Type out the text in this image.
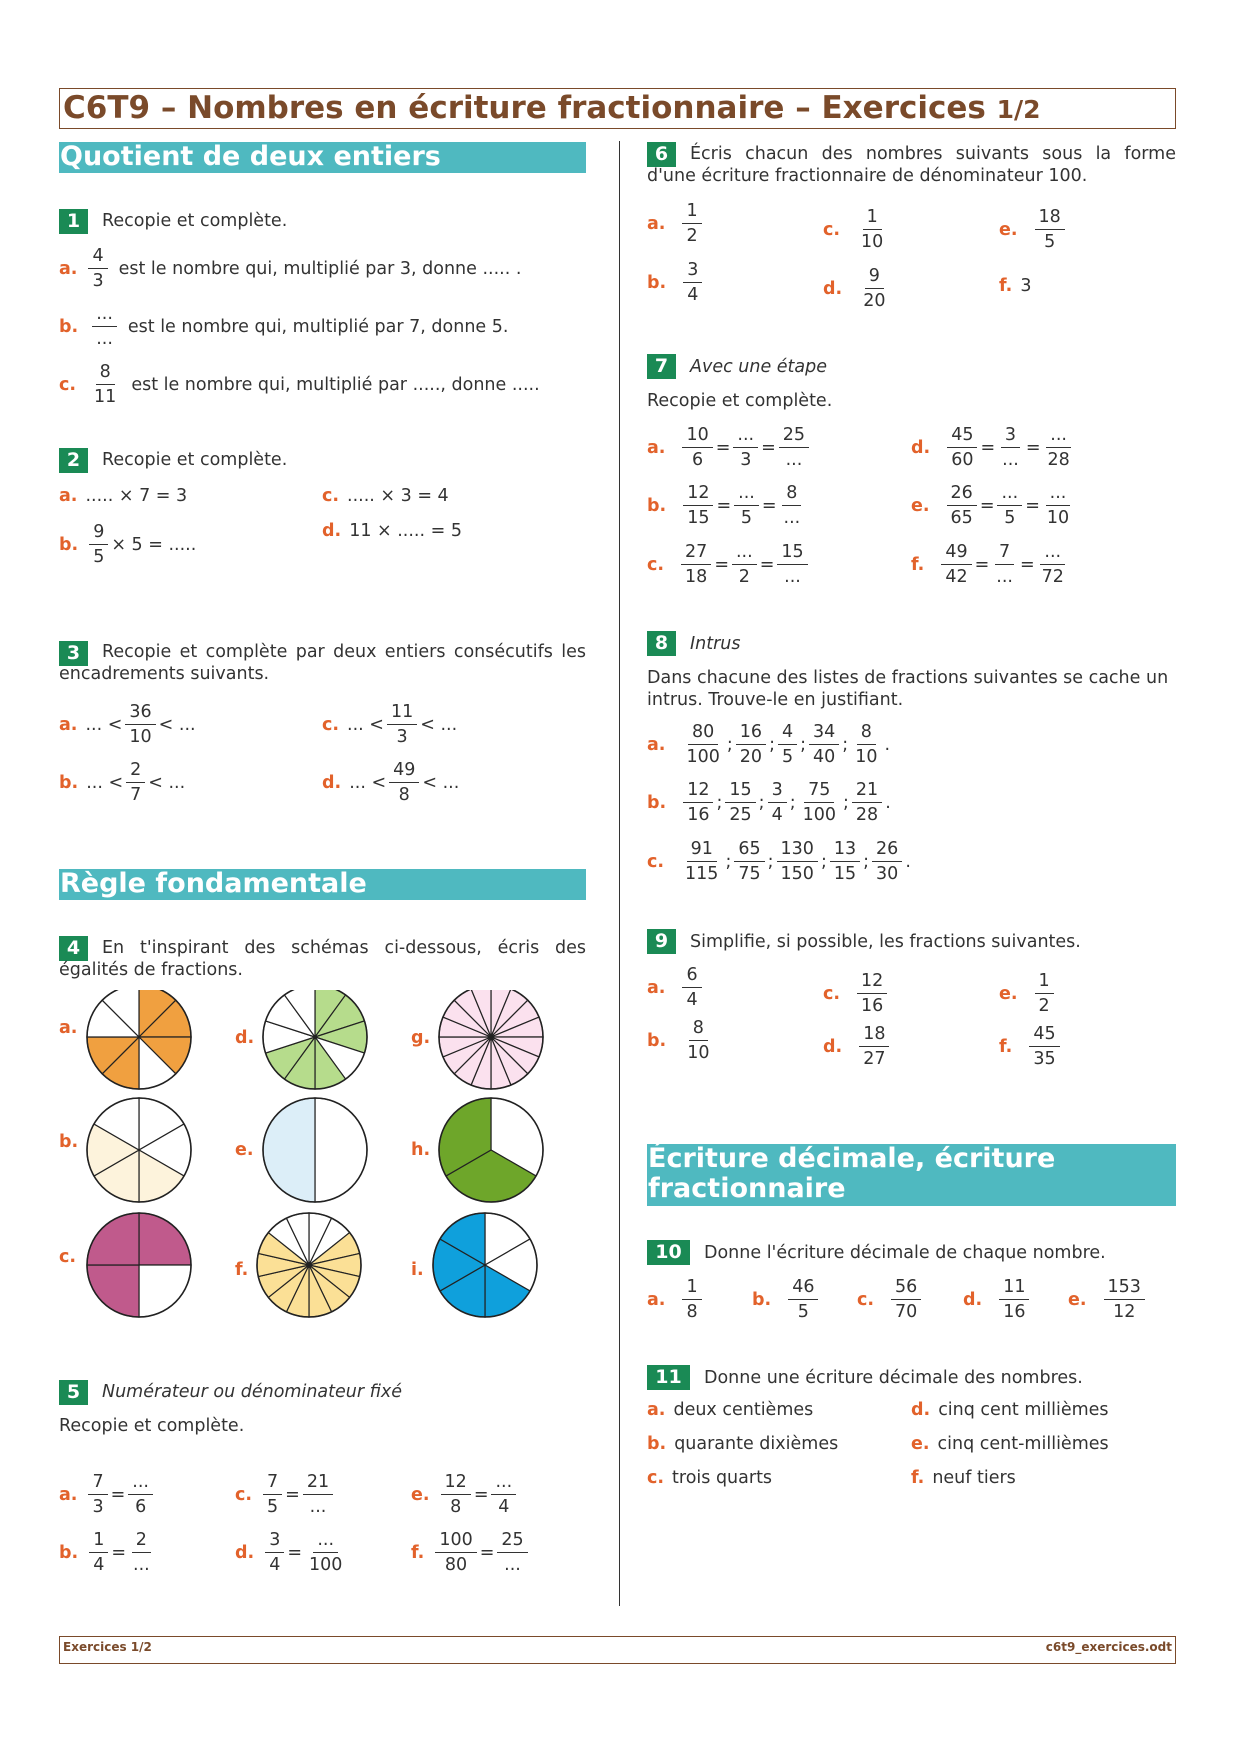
C6T9 – Nombres en écriture fractionnaire – Exercices 1/2
Quotient de deux entiers
1	Recopie et complète.
a. $\frac{4}{3}$ est le nombre qui, multiplié par 3, donne ..... .
b. $\frac{...}{...}$ est le nombre qui, multiplié par 7, donne 5.
c. $\frac{8}{11}$ est le nombre qui, multiplié par ....., donne .....
2	Recopie et complète.
a. ..... × 7 = 3
b. $\frac{9}{5} \times 5$ = .....
c. ..... × 3 = 4
d. 11 × ..... = 5
3	Recopie et complète par deux entiers consécutifs les encadrements suivants.
a. ... < $\frac{36}{10}$ < ...
b. ... < $\frac{2}{7}$ < ...
c. ... < $\frac{11}{3}$ < ...
d. ... < $\frac{49}{8}$ < ...
Règle fondamentale
4	En t'inspirant des schémas ci-dessous, écris des égalités de fractions.
a.
b.
c.
d.
e.
f.
g.
h.
i.
5	Numérateur ou dénominateur fixé
Recopie et complète.
a. $\frac{7}{3} = \frac{...}{6}$
b. $\frac{1}{4} = \frac{2}{...}$
c. $\frac{7}{5} = \frac{21}{...}$
d. $\frac{3}{4} = \frac{...}{100}$
e. $\frac{12}{8} = \frac{...}{4}$
f. $\frac{100}{80} = \frac{25}{...}$
6	Écris chacun des nombres suivants sous la forme d'une écriture fractionnaire de dénominateur 100.
a. $\frac{1}{2}$
b. $\frac{3}{4}$
c. $\frac{1}{10}$
d. $\frac{9}{20}$
e. $\frac{18}{5}$
f. 3
7	Avec une étape
Recopie et complète.
a. $\frac{10}{6} = \frac{...}{3} = \frac{25}{...}$
b. $\frac{12}{15} = \frac{...}{5} = \frac{8}{...}$
c. $\frac{27}{18} = \frac{...}{2} = \frac{15}{...}$
d. $\frac{45}{60} = \frac{3}{...} = \frac{...}{28}$
e. $\frac{26}{65} = \frac{...}{5} = \frac{...}{10}$
f. $\frac{49}{42} = \frac{7}{...} = \frac{...}{72}$
8	Intrus
Dans chacune des listes de fractions suivantes se cache un intrus. Trouve-le en justifiant.
a. $\frac{80}{100}$ ; $\frac{16}{20}$ ; $\frac{4}{5}$ ; $\frac{34}{40}$ ; $\frac{8}{10}$ .
b. $\frac{12}{16}$ ; $\frac{15}{25}$ ; $\frac{3}{4}$ ; $\frac{75}{100}$ ; $\frac{21}{28}$ .
c. $\frac{91}{115}$ ; $\frac{65}{75}$ ; $\frac{130}{150}$ ; $\frac{13}{15}$ ; $\frac{26}{30}$ .
9	Simplifie, si possible, les fractions suivantes.
a. $\frac{6}{4}$
b. $\frac{8}{10}$
c. $\frac{12}{16}$
d. $\frac{18}{27}$
e. $\frac{1}{2}$
f. $\frac{45}{35}$
Écriture décimale, écriture fractionnaire
10	Donne l'écriture décimale de chaque nombre.
a. $\frac{1}{8}$	b. $\frac{46}{5} c$. $\frac{56}{70} d$. $\frac{11}{16} e$. $\frac{153}{12}$
11	Donne une écriture décimale des nombres.
a. deux centièmes
b. quarante dixièmes
c. trois quarts
d. cinq cent millièmes
e. cinq cent-millièmes
f. neuf tiers
Exercices 1/2	c6t9_exercices.odt
